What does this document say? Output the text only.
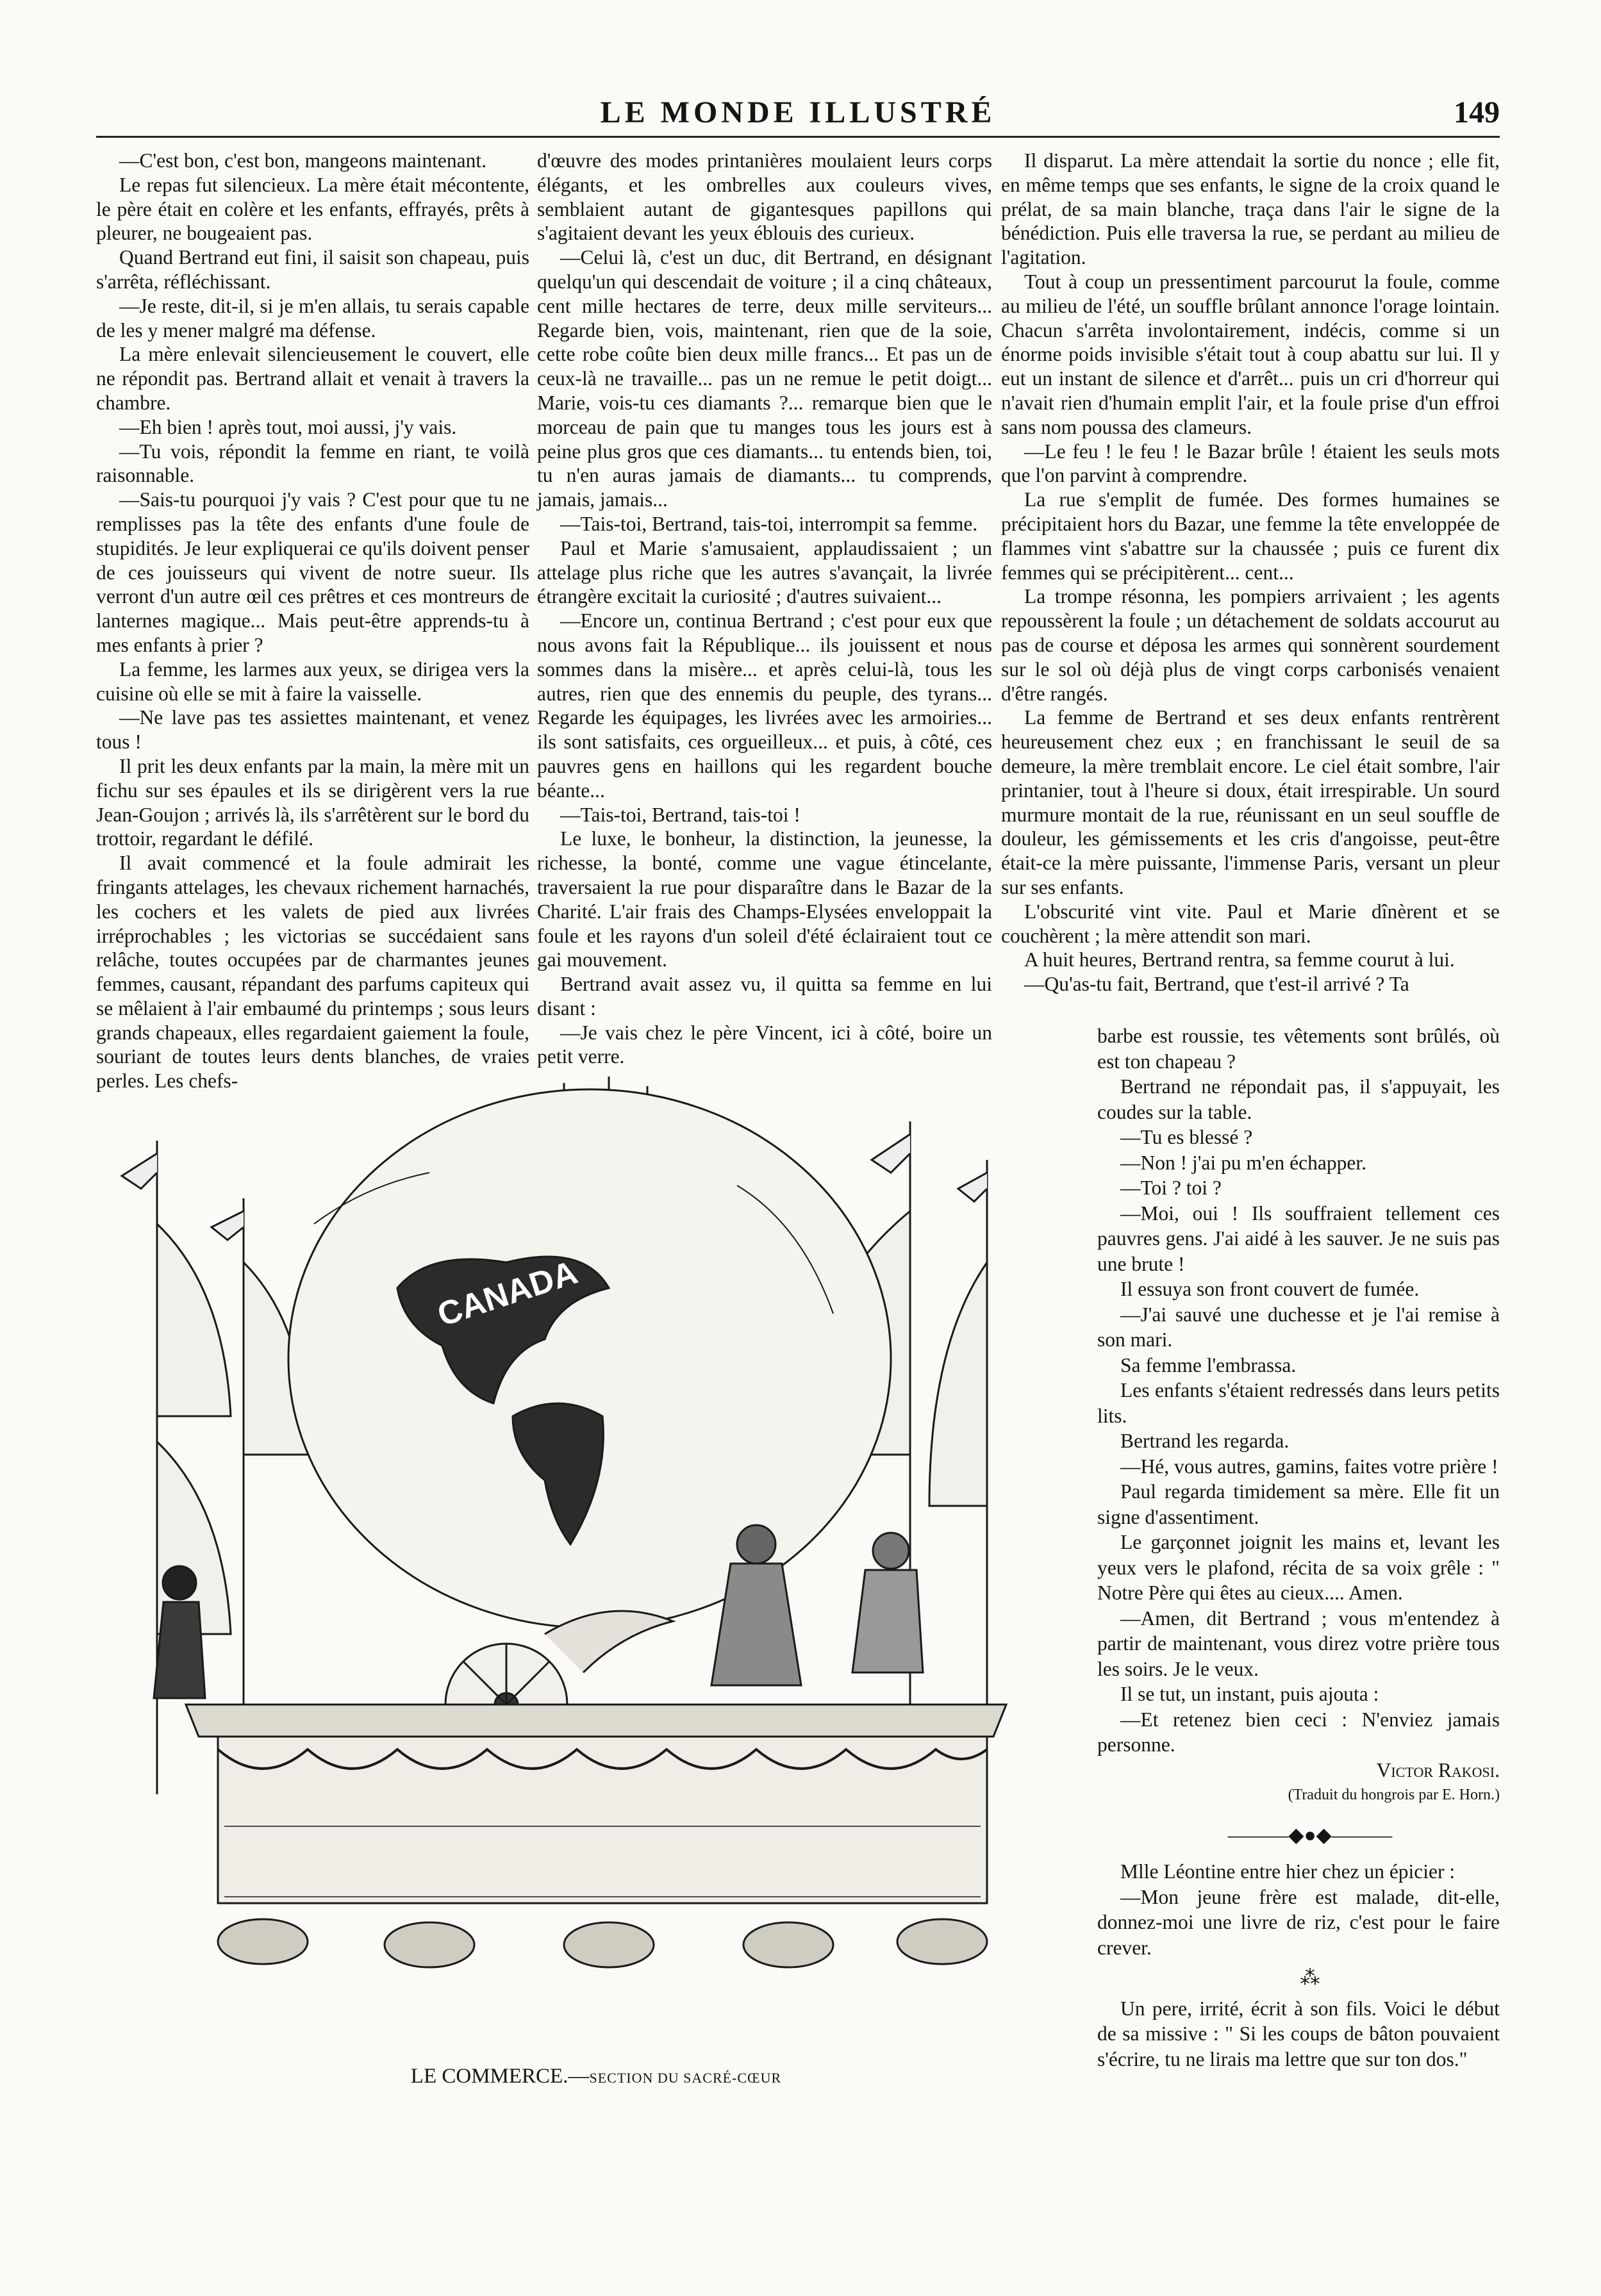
LE MONDE ILLUSTRÉ	149

—C'est bon, c'est bon, mangeons maintenant.

Le repas fut silencieux. La mère était mécontente, le père était en colère et les enfants, effrayés, prêts à pleurer, ne bougeaient pas.

Quand Bertrand eut fini, il saisit son chapeau, puis s'arrêta, réfléchissant.

—Je reste, dit-il, si je m'en allais, tu serais capable de les y mener malgré ma défense.

La mère enlevait silencieusement le couvert, elle ne répondit pas. Bertrand allait et venait à travers la chambre.

—Eh bien ! après tout, moi aussi, j'y vais.

—Tu vois, répondit la femme en riant, te voilà raisonnable.

—Sais-tu pourquoi j'y vais ? C'est pour que tu ne remplisses pas la tête des enfants d'une foule de stupidités. Je leur expliquerai ce qu'ils doivent penser de ces jouisseurs qui vivent de notre sueur. Ils verront d'un autre œil ces prêtres et ces montreurs de lanternes magique... Mais peut-être apprends-tu à mes enfants à prier ?

La femme, les larmes aux yeux, se dirigea vers la cuisine où elle se mit à faire la vaisselle.

—Ne lave pas tes assiettes maintenant, et venez tous !

Il prit les deux enfants par la main, la mère mit un fichu sur ses épaules et ils se dirigèrent vers la rue Jean-Goujon ; arrivés là, ils s'arrêtèrent sur le bord du trottoir, regardant le défilé.

Il avait commencé et la foule admirait les fringants attelages, les chevaux richement harnachés, les cochers et les valets de pied aux livrées irréprochables ; les victorias se succédaient sans relâche, toutes occupées par de charmantes jeunes femmes, causant, répandant des parfums capiteux qui se mêlaient à l'air embaumé du printemps ; sous leurs grands chapeaux, elles regardaient gaiement la foule, souriant de toutes leurs dents blanches, de vraies perles. Les chefs-

d'œuvre des modes printanières moulaient leurs corps élégants, et les ombrelles aux couleurs vives, semblaient autant de gigantesques papillons qui s'agitaient devant les yeux éblouis des curieux.

—Celui là, c'est un duc, dit Bertrand, en désignant quelqu'un qui descendait de voiture ; il a cinq châteaux, cent mille hectares de terre, deux mille serviteurs... Regarde bien, vois, maintenant, rien que de la soie, cette robe coûte bien deux mille francs... Et pas un de ceux-là ne travaille... pas un ne remue le petit doigt... Marie, vois-tu ces diamants ?... remarque bien que le morceau de pain que tu manges tous les jours est à peine plus gros que ces diamants... tu entends bien, toi, tu n'en auras jamais de diamants... tu comprends, jamais, jamais...

—Tais-toi, Bertrand, tais-toi, interrompit sa femme.

Paul et Marie s'amusaient, applaudissaient ; un attelage plus riche que les autres s'avançait, la livrée étrangère excitait la curiosité ; d'autres suivaient...

—Encore un, continua Bertrand ; c'est pour eux que nous avons fait la République... ils jouissent et nous sommes dans la misère... et après celui-là, tous les autres, rien que des ennemis du peuple, des tyrans... Regarde les équipages, les livrées avec les armoiries... ils sont satisfaits, ces orgueilleux... et puis, à côté, ces pauvres gens en haillons qui les regardent bouche béante...

—Tais-toi, Bertrand, tais-toi !

Le luxe, le bonheur, la distinction, la jeunesse, la richesse, la bonté, comme une vague étincelante, traversaient la rue pour disparaître dans le Bazar de la Charité. L'air frais des Champs-Elysées enveloppait la foule et les rayons d'un soleil d'été éclairaient tout ce gai mouvement.

Bertrand avait assez vu, il quitta sa femme en lui disant :

—Je vais chez le père Vincent, ici à côté, boire un petit verre.

Il disparut. La mère attendait la sortie du nonce ; elle fit, en même temps que ses enfants, le signe de la croix quand le prélat, de sa main blanche, traça dans l'air le signe de la bénédiction. Puis elle traversa la rue, se perdant au milieu de l'agitation.

Tout à coup un pressentiment parcourut la foule, comme au milieu de l'été, un souffle brûlant annonce l'orage lointain. Chacun s'arrêta involontairement, indécis, comme si un énorme poids invisible s'était tout à coup abattu sur lui. Il y eut un instant de silence et d'arrêt... puis un cri d'horreur qui n'avait rien d'humain emplit l'air, et la foule prise d'un effroi sans nom poussa des clameurs.

—Le feu ! le feu ! le Bazar brûle ! étaient les seuls mots que l'on parvint à comprendre.

La rue s'emplit de fumée. Des formes humaines se précipitaient hors du Bazar, une femme la tête enveloppée de flammes vint s'abattre sur la chaussée ; puis ce furent dix femmes qui se précipitèrent... cent...

La trompe résonna, les pompiers arrivaient ; les agents repoussèrent la foule ; un détachement de soldats accourut au pas de course et déposa les armes qui sonnèrent sourdement sur le sol où déjà plus de vingt corps carbonisés venaient d'être rangés.

La femme de Bertrand et ses deux enfants rentrèrent heureusement chez eux ; en franchissant le seuil de sa demeure, la mère tremblait encore. Le ciel était sombre, l'air printanier, tout à l'heure si doux, était irrespirable. Un sourd murmure montait de la rue, réunissant en un seul souffle de douleur, les gémissements et les cris d'angoisse, peut-être était-ce la mère puissante, l'immense Paris, versant un pleur sur ses enfants.

L'obscurité vint vite. Paul et Marie dînèrent et se couchèrent ; la mère attendit son mari.

A huit heures, Bertrand rentra, sa femme courut à lui.

—Qu'as-tu fait, Bertrand, que t'est-il arrivé ? Ta

barbe est roussie, tes vêtements sont brûlés, où est ton chapeau ?

Bertrand ne répondait pas, il s'appuyait, les coudes sur la table.

—Tu es blessé ?

—Non ! j'ai pu m'en échapper.

—Toi ? toi ?

—Moi, oui ! Ils souffraient tellement ces pauvres gens. J'ai aidé à les sauver. Je ne suis pas une brute !

Il essuya son front couvert de fumée.

—J'ai sauvé une duchesse et je l'ai remise à son mari.

Sa femme l'embrassa.

Les enfants s'étaient redressés dans leurs petits lits.

Bertrand les regarda.

—Hé, vous autres, gamins, faites votre prière !

Paul regarda timidement sa mère. Elle fit un signe d'assentiment.

Le garçonnet joignit les mains et, levant les yeux vers le plafond, récita de sa voix grêle : " Notre Père qui êtes au cieux.... Amen.

—Amen, dit Bertrand ; vous m'entendez à partir de maintenant, vous direz votre prière tous les soirs. Je le veux.

Il se tut, un instant, puis ajouta :

—Et retenez bien ceci : N'enviez jamais personne.

Victor Rakosi.

(Traduit du hongrois par E. Horn.)

———◆●◆———

Mlle Léontine entre hier chez un épicier :

—Mon jeune frère est malade, dit-elle, donnez-moi une livre de riz, c'est pour le faire crever.

⁂

Un pere, irrité, écrit à son fils. Voici le début de sa missive : " Si les coups de bâton pouvaient s'écrire, tu ne lirais ma lettre que sur ton dos."

CANADA
LE COMMERCE.—SECTION DU SACRÉ-CŒUR
